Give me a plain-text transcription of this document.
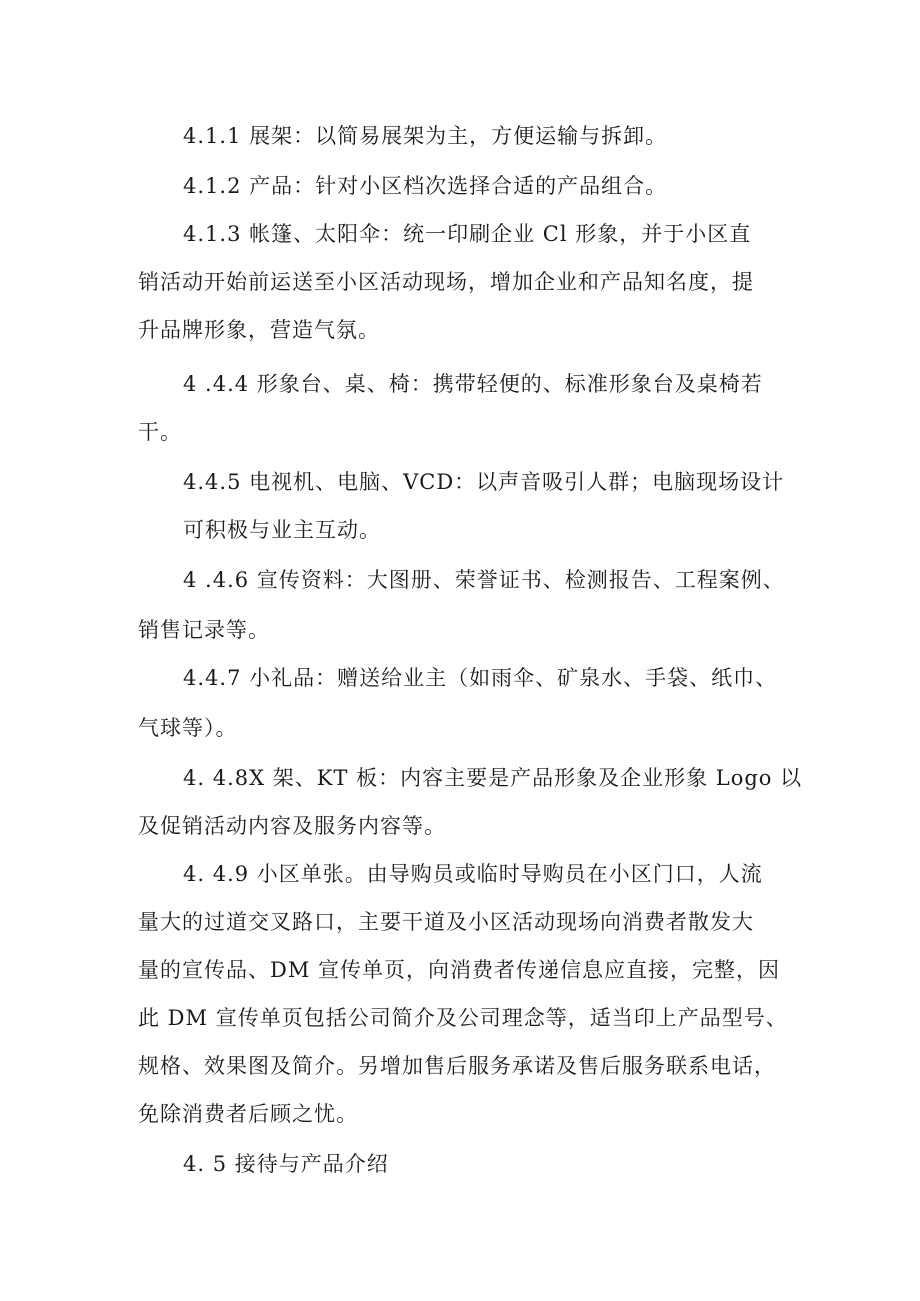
4.1.1 展架：以简易展架为主，方便运输与拆卸。
4.1.2 产品：针对小区档次选择合适的产品组合。
4.1.3 帐篷、太阳伞：统一印刷企业 Cl 形象，并于小区直
销活动开始前运送至小区活动现场，增加企业和产品知名度，提
升品牌形象，营造气氛。
4 .4.4 形象台、桌、椅：携带轻便的、标准形象台及桌椅若
干。
4.4.5 电视机、电脑、VCD：以声音吸引人群；电脑现场设计
可积极与业主互动。
4 .4.6 宣传资料：大图册、荣誉证书、检测报告、工程案例、
销售记录等。
4.4.7 小礼品：赠送给业主（如雨伞、矿泉水、手袋、纸巾、
气球等）。
4. 4.8X 架、KT 板：内容主要是产品形象及企业形象 Logo 以
及促销活动内容及服务内容等。
4. 4.9 小区单张。由导购员或临时导购员在小区门口，人流
量大的过道交叉路口，主要干道及小区活动现场向消费者散发大
量的宣传品、DM 宣传单页，向消费者传递信息应直接，完整，因
此 DM 宣传单页包括公司简介及公司理念等，适当印上产品型号、
规格、效果图及简介。另增加售后服务承诺及售后服务联系电话，
免除消费者后顾之忧。
4. 5 接待与产品介绍
